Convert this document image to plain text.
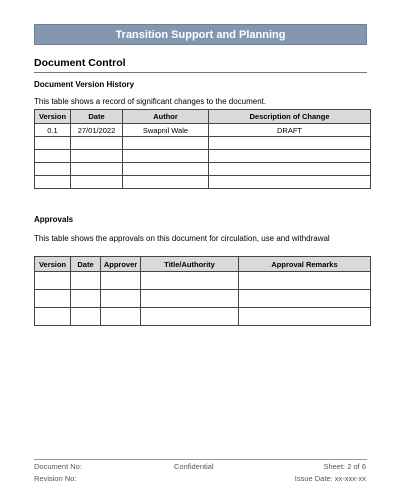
Transition Support and Planning
Document Control
Document Version History
This table shows a record of significant changes to the document.
Version	Date	Author	Description of Change
0.1	27/01/2022	Swapnil Wale	DRAFT

Approvals
This table shows the approvals on this document for circulation, use and withdrawal
Version	Date	Approver	Title/Authority	Approval Remarks

Document No:
Revision No:
Confidential	Sheet: 2 of 6
Issue Date: xx-xxx-xx
